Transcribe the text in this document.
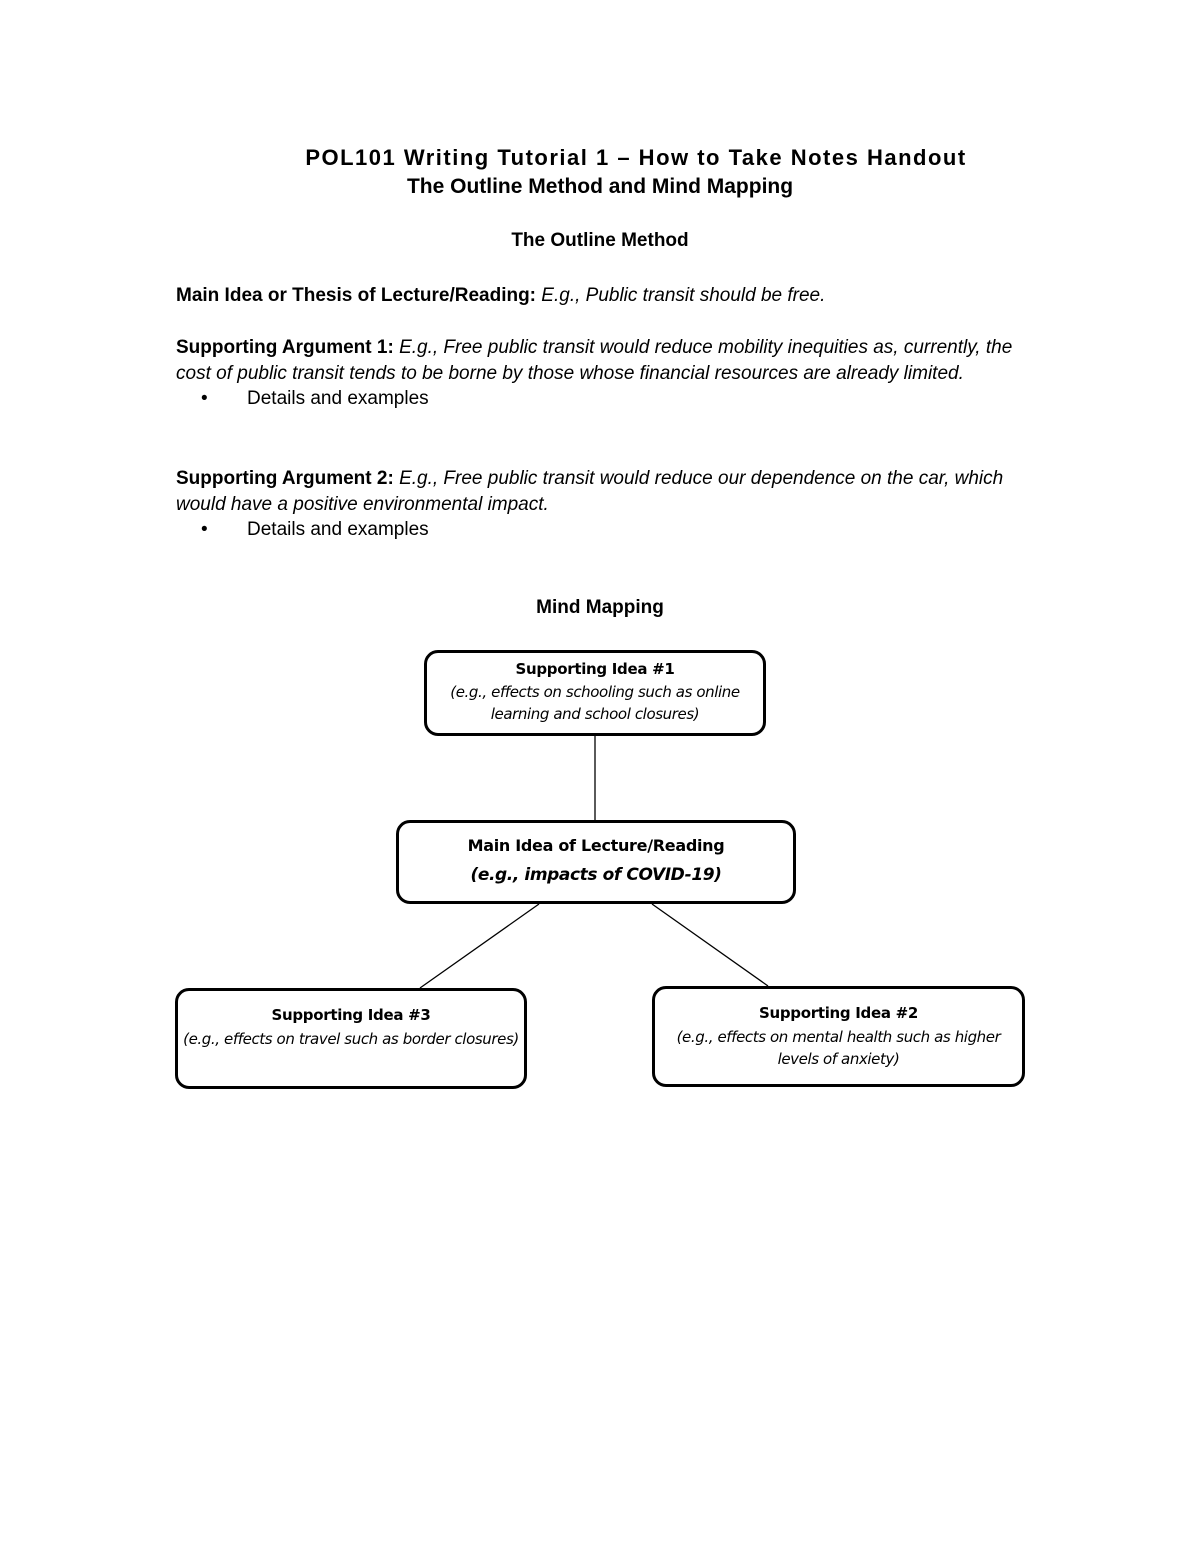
POL101 Writing Tutorial 1 – How to Take Notes Handout
The Outline Method and Mind Mapping
The Outline Method
Main Idea or Thesis of Lecture/Reading: E.g., Public transit should be free.
Supporting Argument 1: E.g., Free public transit would reduce mobility inequities as, currently, the cost of public transit tends to be borne by those whose financial resources are already limited.
• Details and examples
Supporting Argument 2: E.g., Free public transit would reduce our dependence on the car, which would have a positive environmental impact.
• Details and examples
Mind Mapping
Supporting Idea #1
(e.g., effects on schooling such as online learning and school closures)
Main Idea of Lecture/Reading
(e.g., impacts of COVID-19)
Supporting Idea #3
(e.g., effects on travel such as border closures)
Supporting Idea #2
(e.g., effects on mental health such as higher levels of anxiety)
